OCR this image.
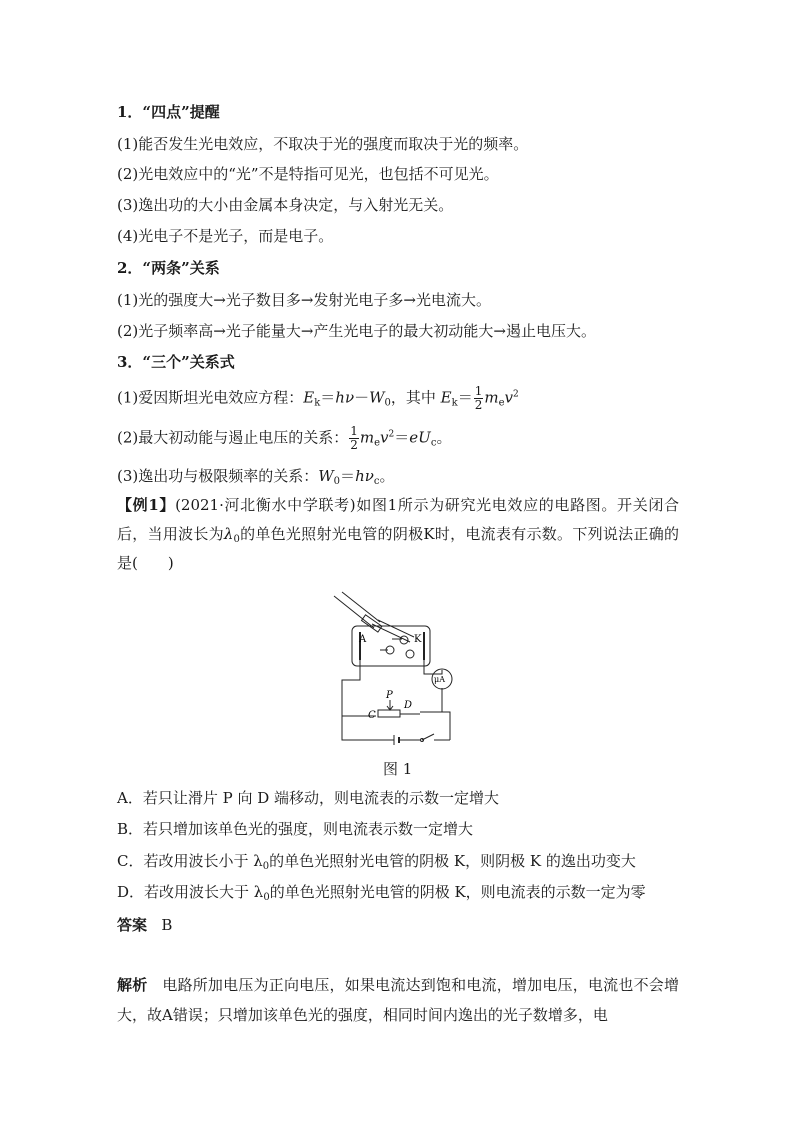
1．“四点”提醒
(1)能否发生光电效应，不取决于光的强度而取决于光的频率。
(2)光电效应中的“光”不是特指可见光，也包括不可见光。
(3)逸出功的大小由金属本身决定，与入射光无关。
(4)光电子不是光子，而是电子。
2．“两条”关系
(1)光的强度大→光子数目多→发射光电子多→光电流大。
(2)光子频率高→光子能量大→产生光电子的最大初动能大→遏止电压大。
3．“三个”关系式
(1)爱因斯坦光电效应方程：$E_k=h\nu-W_0$，其中 $E_k= \frac{1}{2} m_ev^2$
(2)最大初动能与遏止电压的关系： $\frac{1}{2} m_ev^2=eU_c$。
(3)逸出功与极限频率的关系：$W_0=h\nu_c$。
【例1】(2021·河北衡水中学联考)如图1所示为研究光电效应的电路图。开关闭合后，当用波长为$\lambda_0$的单色光照射光电管的阴极K时，电流表有示数。下列说法正确的是(　　)
A	K
μA
P
C
D
图 1
A．若只让滑片 P 向 D 端移动，则电流表的示数一定增大
B．若只增加该单色光的强度，则电流表示数一定增大
C．若改用波长小于 $\lambda_0$的单色光照射光电管的阴极 K，则阴极 K 的逸出功变大
D．若改用波长大于 $\lambda_0$的单色光照射光电管的阴极 K，则电流表的示数一定为零
答案 B
解析 电路所加电压为正向电压，如果电流达到饱和电流，增加电压，电流也不会增大，故A错误；只增加该单色光的强度，相同时间内逸出的光子数增多，电
